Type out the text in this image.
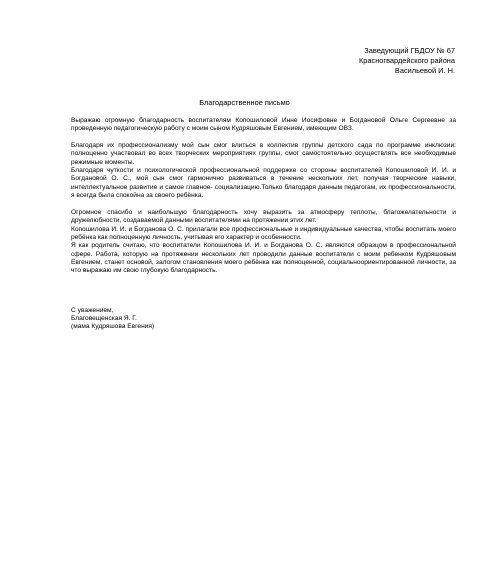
Заведующий ГБДОУ № 67
Красногвардейского района
Васильевой И. Н.
Благодарственное письмо

Выражаю огромную благодарность воспитателям Копошиловой Инне Иосифовне и Богдановой Ольге Сергеевне за проведенную педагогическую работу с моим сыном Кудряшовым Евгением, имеющим ОВЗ.

Благодаря их профессионализму мой сын смог влиться в коллектив группы детского сада по программе инклюзии: полноценно участвовал во всех творческих мероприятиях группы, смог самостоятельно осуществлять все необходимые режимные моменты.

Благодаря чуткости и психологической профессиональной поддержке со стороны воспитателей Копошиловой И. И. и Богдановой О. С., мой сын смог гармонично развиваться в течение нескольких лет, получая творческие навыки, интеллектуальное развитие и самое главное- социализацию.Только благодаря данным педагогам, их профессиональности, я всегда была спокойна за своего ребёнка.

Огромное спасибо и наибольшую благодарность хочу выразить за атмосферу теплоты, благожелательности и дружелюбности, создаваемой данными воспитателями на протяжении этих лет.

Копошилова И. И. и Богданова О. С. прилагали все профессиональные и индивидуальные качества, чтобы воспитать моего ребёнка как полноценную личность, учитывая его характер и особенности.

Я как родитель считаю, что воспитатели Копошилова И. И. и Богданова О. С. являются образцом в профессиональной сфере. Работа, которую на протяжении нескольких лет проводили данные воспитатели с моим ребенком Кудряшовым Евгением, станет основой, залогом становления моего ребёнка как полноценной, социальноориентированной личности, за что выражаю им свою глубокую благодарность.

С уважением,
Благовещенская Я. Г.
(мама Кудряшова Евгения)
